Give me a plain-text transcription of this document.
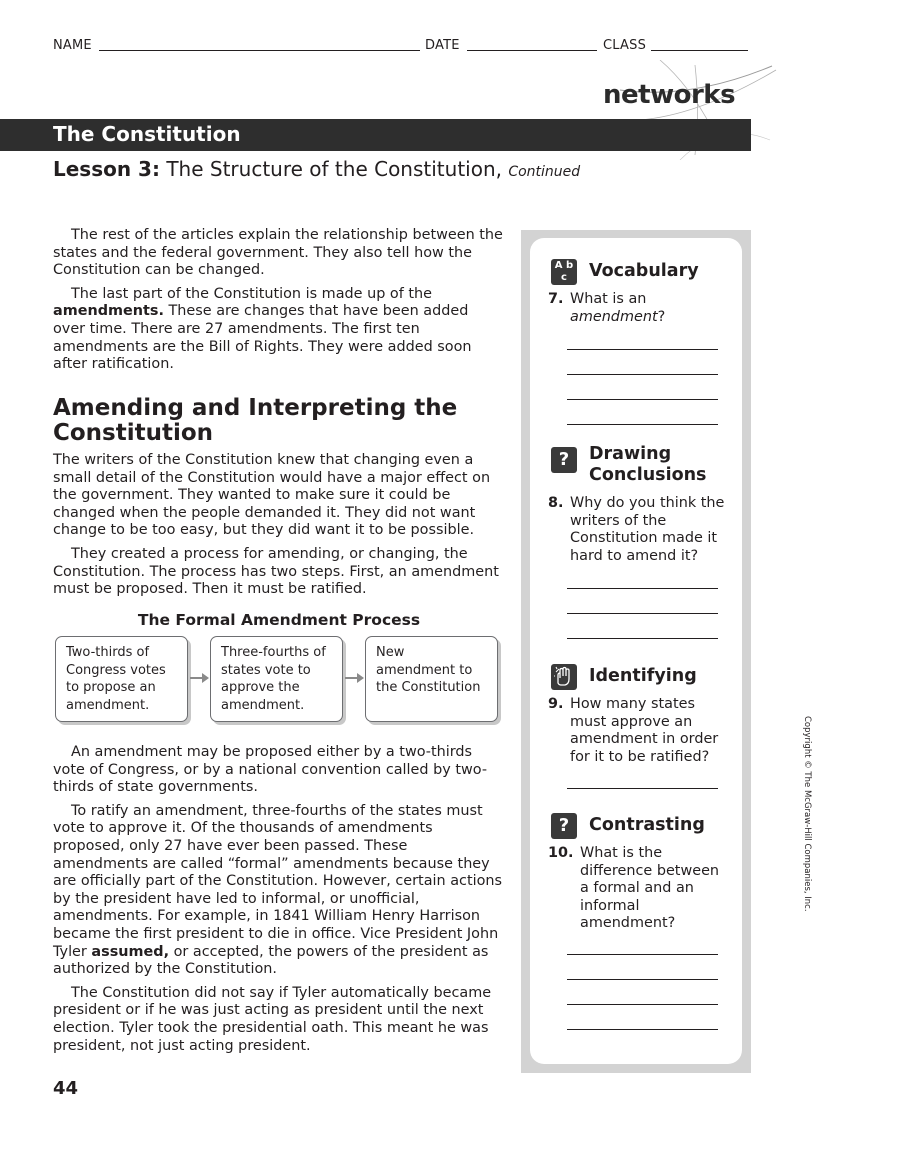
NAME	DATE	CLASS
networks
The Constitution
Lesson 3: The Structure of the Constitution, Continued

The rest of the articles explain the relationship between the states and the federal government. They also tell how the Constitution can be changed.

The last part of the Constitution is made up of the amendments. These are changes that have been added over time. There are 27 amendments. The first ten amendments are the Bill of Rights. They were added soon after ratification.

Amending and Interpreting the Constitution

The writers of the Constitution knew that changing even a small detail of the Constitution would have a major effect on the government. They wanted to make sure it could be changed when the people demanded it. They did not want change to be too easy, but they did want it to be possible.

They created a process for amending, or changing, the Constitution. The process has two steps. First, an amendment must be proposed. Then it must be ratified.

The Formal Amendment Process
Two-thirds of Congress votes to propose an amendment.
Three-fourths of states vote to approve the amendment.
New amendment to the Constitution

An amendment may be proposed either by a two-thirds vote of Congress, or by a national convention called by two-thirds of state governments.

To ratify an amendment, three-fourths of the states must vote to approve it. Of the thousands of amendments proposed, only 27 have ever been passed. These amendments are called “formal” amendments because they are officially part of the Constitution. However, certain actions by the president have led to informal, or unofficial, amendments. For example, in 1841 William Henry Harrison became the first president to die in office. Vice President John Tyler assumed, or accepted, the powers of the president as authorized by the Constitution.

The Constitution did not say if Tyler automatically became president or if he was just acting as president until the next election. Tyler took the presidential oath. This meant he was president, not just acting president.

A b c	Vocabulary
7. What is an amendment?
?	Drawing Conclusions
8. Why do you think the writers of the Constitution made it hard to amend it?
Identifying
9. How many states must approve an amendment in order for it to be ratified?
?	Contrasting
10. What is the difference between a formal and an informal amendment?
Copyright © The McGraw-Hill Companies, Inc.
44
